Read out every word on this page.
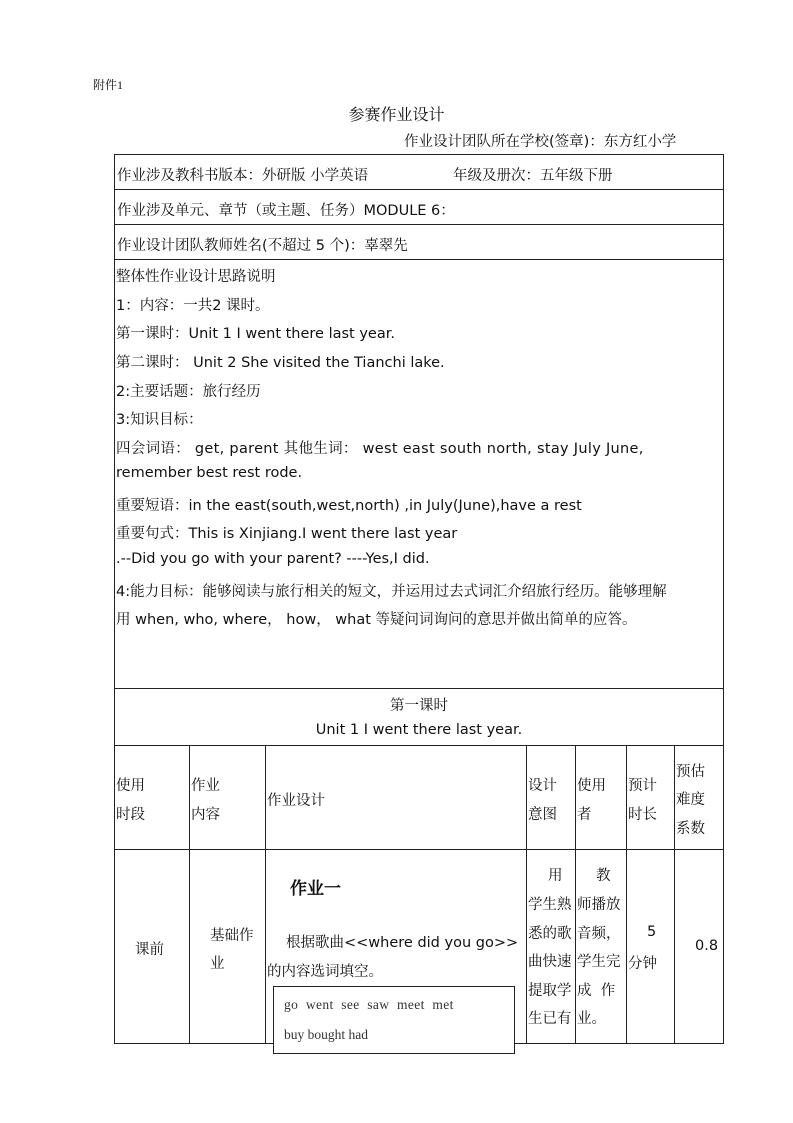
附件1
参赛作业设计
作业设计团队所在学校(签章)：东方红小学
作业涉及教科书版本：外研版 小学英语	年级及册次：五年级下册
作业涉及单元、章节（或主题、任务）MODULE 6：
作业设计团队教师姓名(不超过 5 个)：辜翠先
整体性作业设计思路说明
1：内容：一共2 课时。
第一课时：Unit 1 I went there last year.
第二课时： Unit 2 She visited the Tianchi lake.
2:主要话题：旅行经历
3:知识目标：
四会词语： get, parent 其他生词： west east south north, stay July June,
remember best rest rode.
重要短语：in the east(south,west,north) ,in July(June),have a rest
重要句式：This is Xinjiang.I went there last year
.--Did you go with your parent? ----Yes,I did.
4:能力目标：能够阅读与旅行相关的短文，并运用过去式词汇介绍旅行经历。能够理解
用 when, who, where， how， what 等疑问词询问的意思并做出简单的应答。
第一课时
Unit 1 I went there last year.
使用
时段
作业
内容
作业设计
设计
意图
使用
者
预计
时长
预估
难度
系数
课前
基础作
业
作业一
根据歌曲<<where did you go>>
的内容选词填空。
用
学生熟
悉的歌
曲快速
提取学
生已有
教
师播放
音频，
学生完
成  作
业。
5
分钟
0.8
go  went  see  saw  meet  met
buy bought had
